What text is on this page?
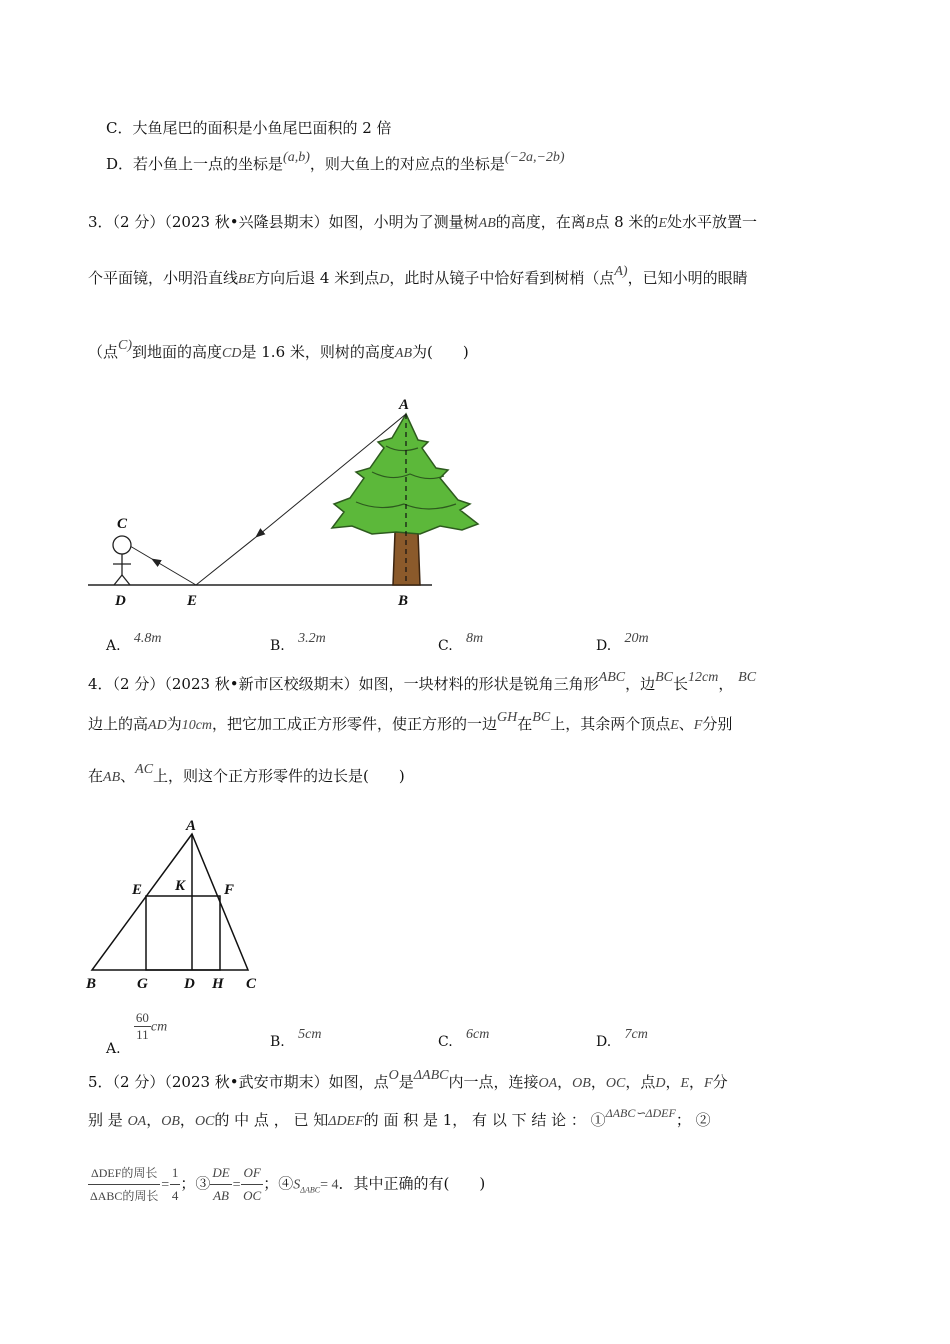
C．大鱼尾巴的面积是小鱼尾巴面积的 2 倍
D．若小鱼上一点的坐标是(a,b)，则大鱼上的对应点的坐标是(−2a,−2b)
3．（2 分）（2023 秋•兴隆县期末）如图，小明为了测量树AB的高度，在离B点 8 米的E处水平放置一
个平面镜，小明沿直线BE方向后退 4 米到点D，此时从镜子中恰好看到树梢（点A)，已知小明的眼睛
（点C)到地面的高度CD是 1.6 米，则树的高度AB为(　　)
A
B
C
D	E
A. 4.8m	B. 3.2m	C. 8m	D. 20m
4．（2 分）（2023 秋•新市区校级期末）如图，一块材料的形状是锐角三角形ABC，边BC长12cm， BC
边上的高AD为10cm，把它加工成正方形零件，使正方形的一边GH在BC上，其余两个顶点E、F分别
在AB、AC上，则这个正方形零件的边长是(　　)
A
E K	F
B	G D H C
A.
$\frac{60}{11}$ cm
B. 5cm	C. 6cm	D. 7cm
5．（2 分）（2023 秋•武安市期末）如图，点O是ΔABC内一点，连接OA，OB，OC，点D，E，F分
别 是 OA，OB，OC的 中 点 ， 已 知ΔDEF的 面 积 是 1， 有 以 下 结 论 ： ①$^{\Delta ABC∽\Delta DEF}$； ②
$\frac{\text{ΔDEF的周长}}{\text{ΔABC的周长}} = \frac{1}{4}$ ；③ $\frac{DE}{AB} = \frac{OF}{OC}$ ；$④S_{\Delta ABC}= 4$．其中正确的有(　　)
